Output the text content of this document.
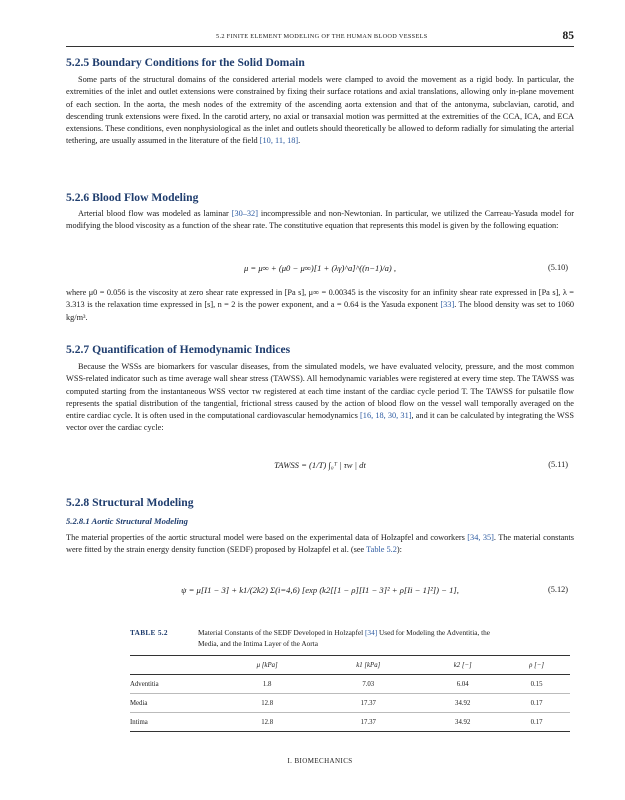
5.2 FINITE ELEMENT MODELING OF THE HUMAN BLOOD VESSELS	85
5.2.5 Boundary Conditions for the Solid Domain

Some parts of the structural domains of the considered arterial models were clamped to avoid the movement as a rigid body. In particular, the extremities of the inlet and outlet extensions were constrained by fixing their surface rotations and axial translations, allowing only in-plane movement of each section. In the aorta, the mesh nodes of the extremity of the ascending aorta extension and that of the antonyma, subclavian, carotid, and descending trunk extensions were fixed. In the carotid artery, no axial or transaxial motion was permitted at the extremities of the CCA, ICA, and ECA extensions. These conditions, even nonphysiological as the inlet and outlets should theoretically be allowed to deform radially for simulating the arterial tethering, are usually assumed in the literature of the field [10, 11, 18].

5.2.6 Blood Flow Modeling

Arterial blood flow was modeled as laminar [30–32] incompressible and non-Newtonian. In particular, we utilized the Carreau-Yasuda model for modifying the blood viscosity as a function of the shear rate. The constitutive equation that represents this model is given by the following equation:

μ = μ∞ + (μ0 − μ∞)[1 + (λγ̇)^a]^((n−1)/a) ,	(5.10)

where μ0 = 0.056 is the viscosity at zero shear rate expressed in [Pa s], μ∞ = 0.00345 is the viscosity for an infinity shear rate expressed in [Pa s], λ = 3.313 is the relaxation time expressed in [s], n = 2 is the power exponent, and a = 0.64 is the Yasuda exponent [33]. The blood density was set to 1060 kg/m³.

5.2.7 Quantification of Hemodynamic Indices

Because the WSSs are biomarkers for vascular diseases, from the simulated models, we have evaluated velocity, pressure, and the most common WSS-related indicator such as time average wall shear stress (TAWSS). All hemodynamic variables were registered at every time step. The TAWSS was computed starting from the instantaneous WSS vector τw registered at each time instant of the cardiac cycle period T. The TAWSS for pulsatile flow represents the spatial distribution of the tangential, frictional stress caused by the action of blood flow on the vessel wall temporally averaged on the entire cardiac cycle. It is often used in the computational cardiovascular hemodynamics [16, 18, 30, 31], and it can be calculated by integrating the WSS vector over the cardiac cycle:

TAWSS = (1/T) ∫₀ᵀ | τw | dt	(5.11)
5.2.8 Structural Modeling
5.2.8.1 Aortic Structural Modeling

The material properties of the aortic structural model were based on the experimental data of Holzapfel and coworkers [34, 35]. The material constants were fitted by the strain energy density function (SEDF) proposed by Holzapfel et al. (see Table 5.2):

ψ = μ[I1 − 3] + k1/(2k2) Σ(i=4,6) [exp (k2[[1 − ρ][I1 − 3]² + ρ[Ii − 1]²]) − 1],	(5.12)
TABLE 5.2	Material Constants of the SEDF Developed in Holzapfel [34] Used for Modeling the Adventitia, the Media, and the Intima Layer of the Aorta
	μ [kPa]	k1 [kPa]	k2 [−]	ρ [−]
Adventitia	1.8	7.03	6.04	0.15
Media	12.8	17.37	34.92	0.17
Intima	12.8	17.37	34.92	0.17
I. BIOMECHANICS
